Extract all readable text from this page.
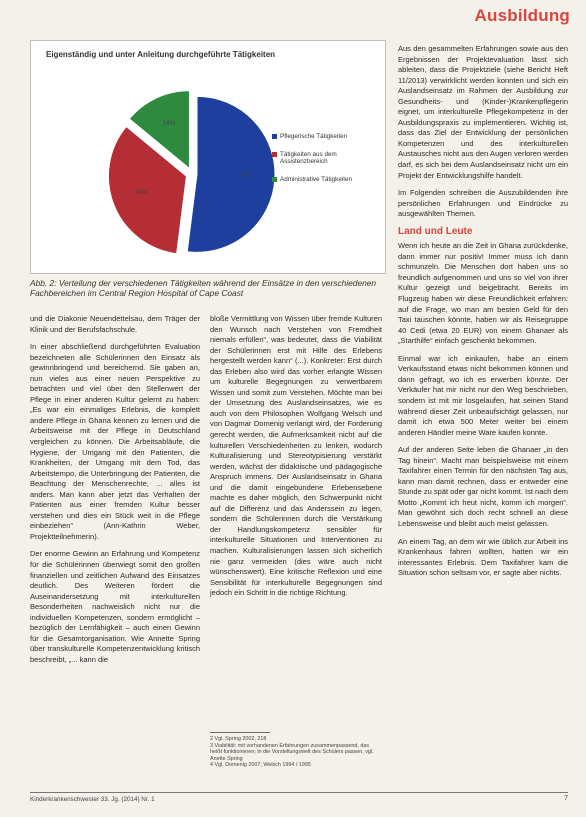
Ausbildung
Eigenständig und unter Anleitung durchgeführte Tätigkeiten
52%
34%
14%
Pflegerische Tätigkeiten
Tätigkeiten aus dem Assistenzbereich
Administrative Tätigkeiten
Abb. 2: Verteilung der verschiedenen Tätigkeiten während der Einsätze in den verschiedenen Fachbereichen im Central Region Hospital of Cape Coast

und die Diakonie Neuendettelsau, dem Träger der Klinik und der Berufsfachschule.

In einer abschließend durchgeführten Evaluation bezeichneten alle Schülerinnen den Einsatz als gewinnbringend und bereichernd. Sie gaben an, nun vieles aus einer neuen Perspektive zu betrachten und viel über den Stellenwert der Pflege in einer anderen Kultur gelernt zu haben: „Es war ein einmaliges Erlebnis, die komplett andere Pflege in Ghana kennen zu lernen und die Arbeitsweise mit der Pflege in Deutschland vergleichen zu können. Die Arbeitsabläufe, die Hygiene, der Umgang mit den Patienten, die Krankheiten, der Umgang mit dem Tod, das Arbeitstempo, die Unterbringung der Patienten, die Beachtung der Menschenrechte, ... alles ist anders. Man kann aber jetzt das Verhalten der Patienten aus einer fremden Kultur besser verstehen und dies ein Stück weit in die Pflege einbeziehen“ (Ann-Kathrin Weber, Projektteilnehmerin).

Der enorme Gewinn an Erfahrung und Kompetenz für die Schülerinnen überwiegt somit den großen finanziellen und zeitlichen Aufwand des Einsatzes deutlich. Des Weiteren fördert die Auseinandersetzung mit interkulturellen Besonderheiten nachweislich nicht nur die individuellen Kompetenzen, sondern ermöglicht – bezüglich der Lernfähigkeit – auch einen Gewinn für die Gesamtorganisation. Wie Annette Spring über transkulturelle Kompetenzentwicklung kritisch beschreibt, „... kann die

bloße Vermittlung von Wissen über fremde Kulturen den Wunsch nach Verstehen von Fremdheit niemals erfüllen“, was bedeutet, dass die Viabilität der Schülerinnen erst mit Hilfe des Erlebens hergestellt werden kann“ (...). Konkreter: Erst durch das Erleben also wird das vorher erlangte Wissen um kulturelle Begegnungen zu verwertbarem Wissen und somit zum Verstehen. Möchte man bei der Umsetzung des Auslandseinsatzes, wie es auch von dem Philosophen Wolfgang Welsch und von Dagmar Domenig verlangt wird, der Forderung gerecht werden, die Aufmerksamkeit nicht auf die kulturellen Verschiedenheiten zu lenken, wodurch Kulturalisierung und Stereotypisierung verstärkt werden, wächst der didaktische und pädagogische Anspruch immens. Der Auslandseinsatz in Ghana und die damit eingebundene Erlebensebene machte es daher möglich, den Schwerpunkt nicht auf die Differenz und das Anderssein zu legen, sondern die Schülerinnen durch die Verstärkung der Handlungskompetenz sensibler für interkulturelle Situationen und Interventionen zu machen. Kulturalisierungen lassen sich sicherlich nie ganz vermeiden (dies wäre auch nicht wünschenswert). Eine kritische Reflexion und eine Sensibilität für interkulturelle Begegnungen sind jedoch ein Schritt in die richtige Richtung.

2 Vgl. Spring 2002, 218
3 Viabilität: mit vorhandenen Erfahrungen zusammenpassend, das heißt funktionieren; in die Vorstellungswelt des Schülers passen, vgl. Anette Spring
4 Vgl. Domenig 2007; Welsch 1994 / 1995

Aus den gesammelten Erfahrungen sowie aus den Ergebnissen der Projektevaluation lässt sich ableiten, dass die Projektziele (siehe Bericht Heft 11/2013) verwirklicht werden konnten und sich ein Auslandseinsatz im Rahmen der Ausbildung zur Gesundheits- und (Kinder-)Krankenpflegerin eignet, um interkulturelle Pflegekompetenz in der Ausbildungspraxis zu implementieren. Wichtig ist, dass das Ziel der Entwicklung der persönlichen Kompetenzen und des interkulturellen Austausches nicht aus den Augen verloren werden darf, es sich bei dem Auslandseinsatz nicht um ein Projekt der Entwicklungshilfe handelt.

Im Folgenden schreiben die Auszubildenden ihre persönlichen Erfahrungen und Eindrücke zu ausgewählten Themen.

Land und Leute

Wenn ich heute an die Zeit in Ghana zurückdenke, dann immer nur positiv! Immer muss ich dann schmunzeln. Die Menschen dort haben uns so freundlich aufgenommen und uns so viel von ihrer Kultur gezeigt und beigebracht. Bereits im Flugzeug haben wir diese Freundlichkeit erfahren: auf die Frage, wo man am besten Geld für den Taxi tauschen könnte, haben wir als Reisegruppe 40 Cedi (etwa 20 EUR) von einem Ghanaer als „Starthilfe“ einfach geschenkt bekommen.

Einmal war ich einkaufen, habe an einem Verkaufsstand etwas nicht bekommen können und dann gefragt, wo ich es erwerben könnte. Der Verkäufer hat mir nicht nur den Weg beschrieben, sondern ist mit mir losgelaufen, hat seinen Stand während dieser Zeit unbeaufsichtigt gelassen, nur damit ich etwa 500 Meter weiter bei einem anderen Händler meine Ware kaufen konnte.

Auf der anderen Seite leben die Ghanaer „in den Tag hinein“. Macht man beispielsweise mit einem Taxifahrer einen Termin für den nächsten Tag aus, kann man damit rechnen, dass er entweder eine Stunde zu spät oder gar nicht kommt. Ist nach dem Motto „Kommt ich heut nicht, komm ich morgen“. Man gewöhnt sich doch recht schnell an diese Lebensweise und bleibt auch meist gelassen.

An einem Tag, an dem wir wie üblich zur Arbeit ins Krankenhaus fahren wollten, hatten wir ein interessantes Erlebnis. Dem Taxifahrer kam die Situation schon seltsam vor, er sagte aber nichts.

Kinderkrankenschwester 33. Jg. (2014) Nr. 1	7
